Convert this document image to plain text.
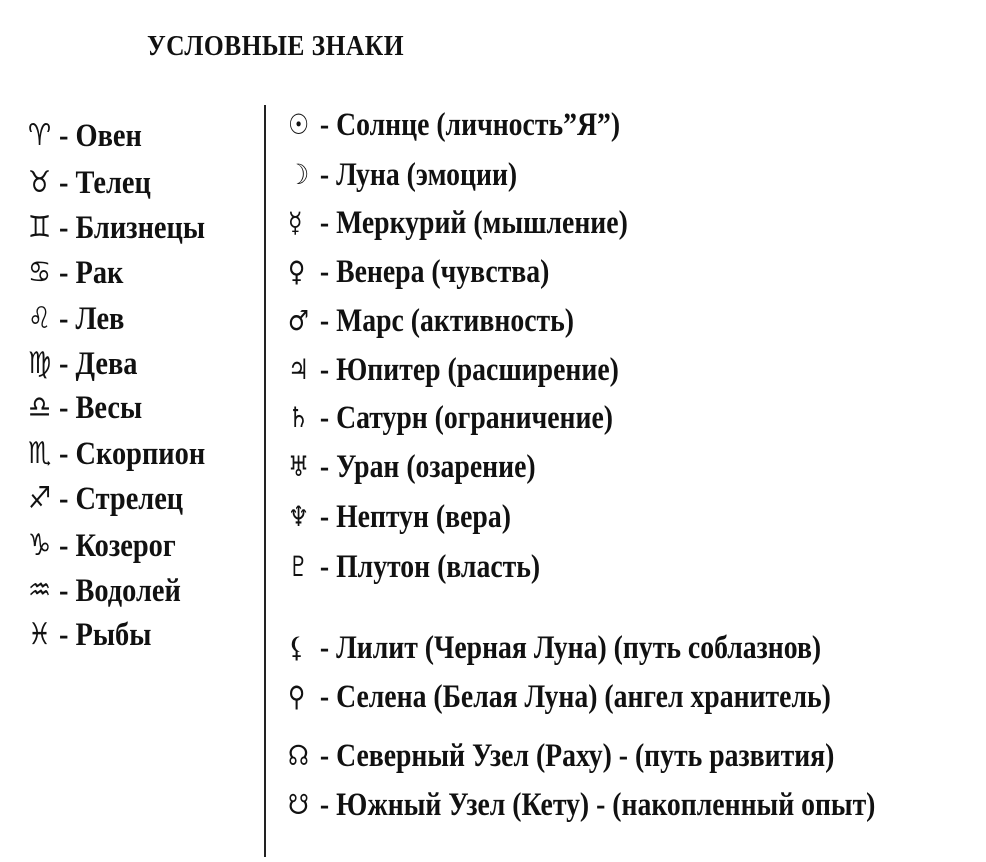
УСЛОВНЫЕ ЗНАКИ
♈ - Овен
♉ - Телец
♊ - Близнецы
♋ - Рак
♌ - Лев
♍ - Дева
♎ - Весы
♏ - Скорпион
♐ - Стрелец
♑ - Козерог
♒ - Водолей
♓ - Рыбы
☉ - Солнце (личность”Я”)
☽ - Луна (эмоции)
☿ - Меркурий (мышление)
♀ - Венера (чувства)
♂ - Марс (активность)
♃ - Юпитер (расширение)
♄ - Сатурн (ограничение)
♅ - Уран (озарение)
♆ - Нептун (вера)
♇ - Плутон (власть)
⚸ - Лилит (Черная Луна) (путь соблазнов)
⚲ - Селена (Белая Луна) (ангел хранитель)
☊ - Северный Узел (Раху) - (путь развития)
☋ - Южный Узел (Кету) - (накопленный опыт)
